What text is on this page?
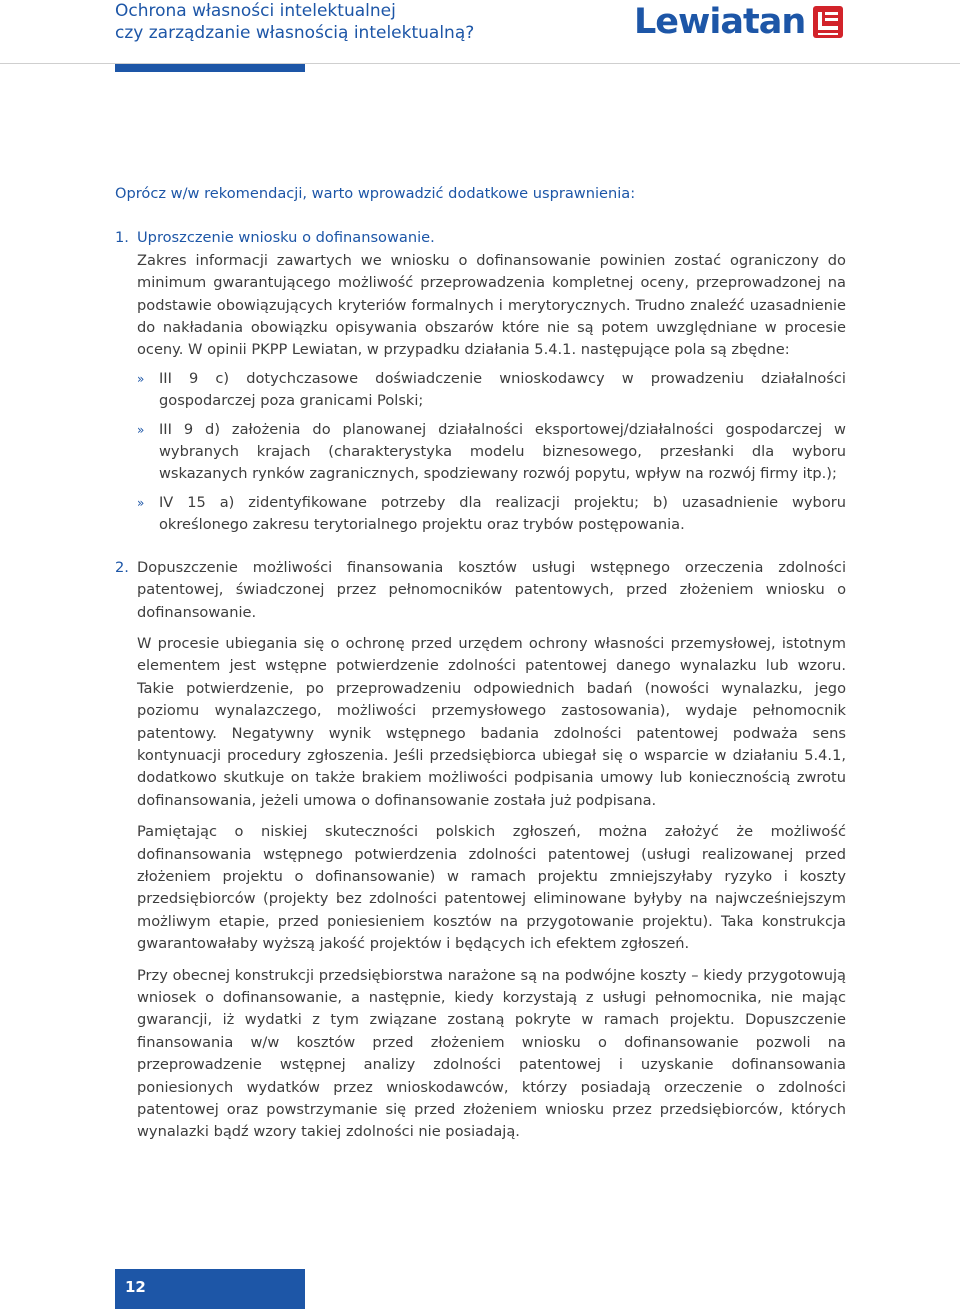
Ochrona własności intelektualnej
czy zarządzanie własnością intelektualną?	Lewiatan

Oprócz w/w rekomendacji, warto wprowadzić dodatkowe usprawnienia:

1. Uproszczenie wniosku o dofinansowanie.

Zakres informacji zawartych we wniosku o dofinansowanie powinien zostać ograniczony do minimum gwarantującego możliwość przeprowadzenia kompletnej oceny, przeprowadzonej na podstawie obowiązujących kryteriów formalnych i merytorycznych. Trudno znaleźć uzasadnienie do nakładania obowiązku opisywania obszarów które nie są potem uwzględniane w procesie oceny. W opinii PKPP Lewiatan, w przypadku działania 5.4.1. następujące pola są zbędne:

» III 9 c) dotychczasowe doświadczenie wnioskodawcy w prowadzeniu działalności gospodarczej poza granicami Polski;
» III 9 d) założenia do planowanej działalności eksportowej/działalności gospodarczej w wybranych krajach (charakterystyka modelu biznesowego, przesłanki dla wyboru wskazanych rynków zagranicznych, spodziewany rozwój popytu, wpływ na rozwój firmy itp.);
» IV 15 a) zidentyfikowane potrzeby dla realizacji projektu; b) uzasadnienie wyboru określonego zakresu terytorialnego projektu oraz trybów postępowania.
2. Dopuszczenie możliwości finansowania kosztów usługi wstępnego orzeczenia zdolności patentowej, świadczonej przez pełnomocników patentowych, przed złożeniem wniosku o dofinansowanie.

W procesie ubiegania się o ochronę przed urzędem ochrony własności przemysłowej, istotnym elementem jest wstępne potwierdzenie zdolności patentowej danego wynalazku lub wzoru. Takie potwierdzenie, po przeprowadzeniu odpowiednich badań (nowości wynalazku, jego poziomu wynalazczego, możliwości przemysłowego zastosowania), wydaje pełnomocnik patentowy. Negatywny wynik wstępnego badania zdolności patentowej podważa sens kontynuacji procedury zgłoszenia. Jeśli przedsiębiorca ubiegał się o wsparcie w działaniu 5.4.1, dodatkowo skutkuje on także brakiem możliwości podpisania umowy lub koniecznością zwrotu dofinansowania, jeżeli umowa o dofinansowanie została już podpisana.

Pamiętając o niskiej skuteczności polskich zgłoszeń, można założyć że możliwość dofinansowania wstępnego potwierdzenia zdolności patentowej (usługi realizowanej przed złożeniem projektu o dofinansowanie) w ramach projektu zmniejszyłaby ryzyko i koszty przedsiębiorców (projekty bez zdolności patentowej eliminowane byłyby na najwcześniejszym możliwym etapie, przed poniesieniem kosztów na przygotowanie projektu). Taka konstrukcja gwarantowałaby wyższą jakość projektów i będących ich efektem zgłoszeń.

Przy obecnej konstrukcji przedsiębiorstwa narażone są na podwójne koszty – kiedy przygotowują wniosek o dofinansowanie, a następnie, kiedy korzystają z usługi pełnomocnika, nie mając gwarancji, iż wydatki z tym związane zostaną pokryte w ramach projektu. Dopuszczenie finansowania w/w kosztów przed złożeniem wniosku o dofinansowanie pozwoli na przeprowadzenie wstępnej analizy zdolności patentowej i uzyskanie dofinansowania poniesionych wydatków przez wnioskodawców, którzy posiadają orzeczenie o zdolności patentowej oraz powstrzymanie się przed złożeniem wniosku przez przedsiębiorców, których wynalazki bądź wzory takiej zdolności nie posiadają.

12
